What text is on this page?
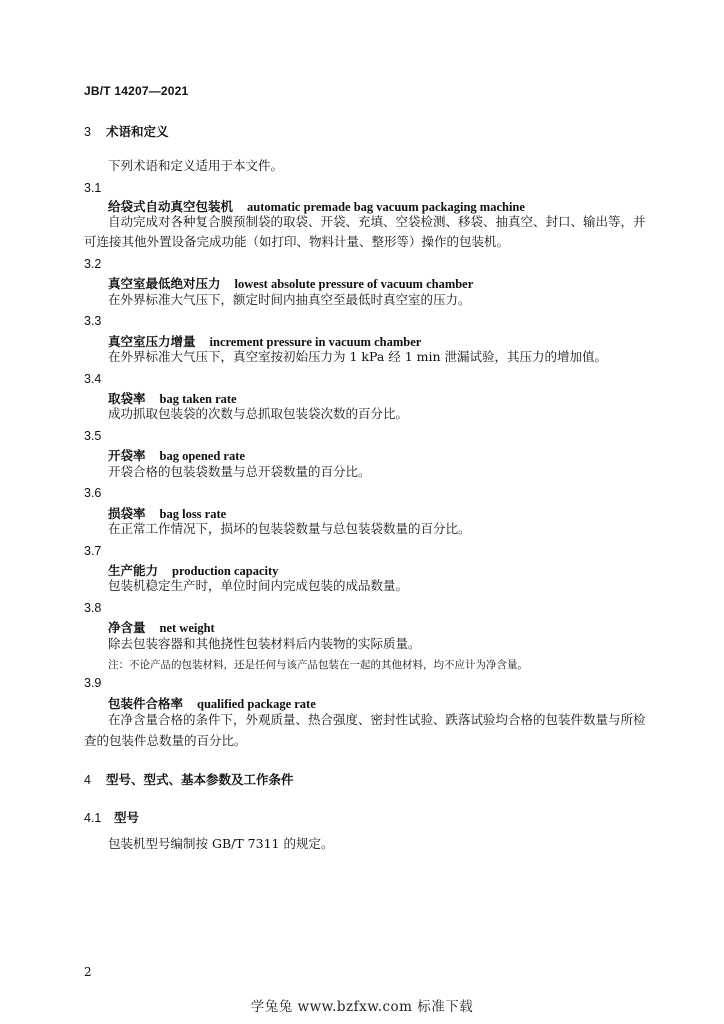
JB/T 14207—2021
3 术语和定义
下列术语和定义适用于本文件。
3.1
给袋式自动真空包装机 automatic premade bag vacuum packaging machine
自动完成对各种复合膜预制袋的取袋、开袋、充填、空袋检测、移袋、抽真空、封口、输出等，并
可连接其他外置设备完成功能（如打印、物料计量、整形等）操作的包装机。
3.2
真空室最低绝对压力 lowest absolute pressure of vacuum chamber
在外界标准大气压下，额定时间内抽真空至最低时真空室的压力。
3.3
真空室压力增量 increment pressure in vacuum chamber
在外界标准大气压下，真空室按初始压力为 1 kPa 经 1 min 泄漏试验，其压力的增加值。
3.4
取袋率 bag taken rate
成功抓取包装袋的次数与总抓取包装袋次数的百分比。
3.5
开袋率 bag opened rate
开袋合格的包装袋数量与总开袋数量的百分比。
3.6
损袋率 bag loss rate
在正常工作情况下，损坏的包装袋数量与总包装袋数量的百分比。
3.7
生产能力 production capacity
包装机稳定生产时，单位时间内完成包装的成品数量。
3.8
净含量 net weight
除去包装容器和其他挠性包装材料后内装物的实际质量。
注：不论产品的包装材料，还是任何与该产品包装在一起的其他材料，均不应计为净含量。
3.9
包装件合格率 qualified package rate
在净含量合格的条件下，外观质量、热合强度、密封性试验、跌落试验均合格的包装件数量与所检
查的包装件总数量的百分比。
4 型号、型式、基本参数及工作条件
4.1 型号
包装机型号编制按 GB/T 7311 的规定。
2
学兔兔 www.bzfxw.com 标准下载
